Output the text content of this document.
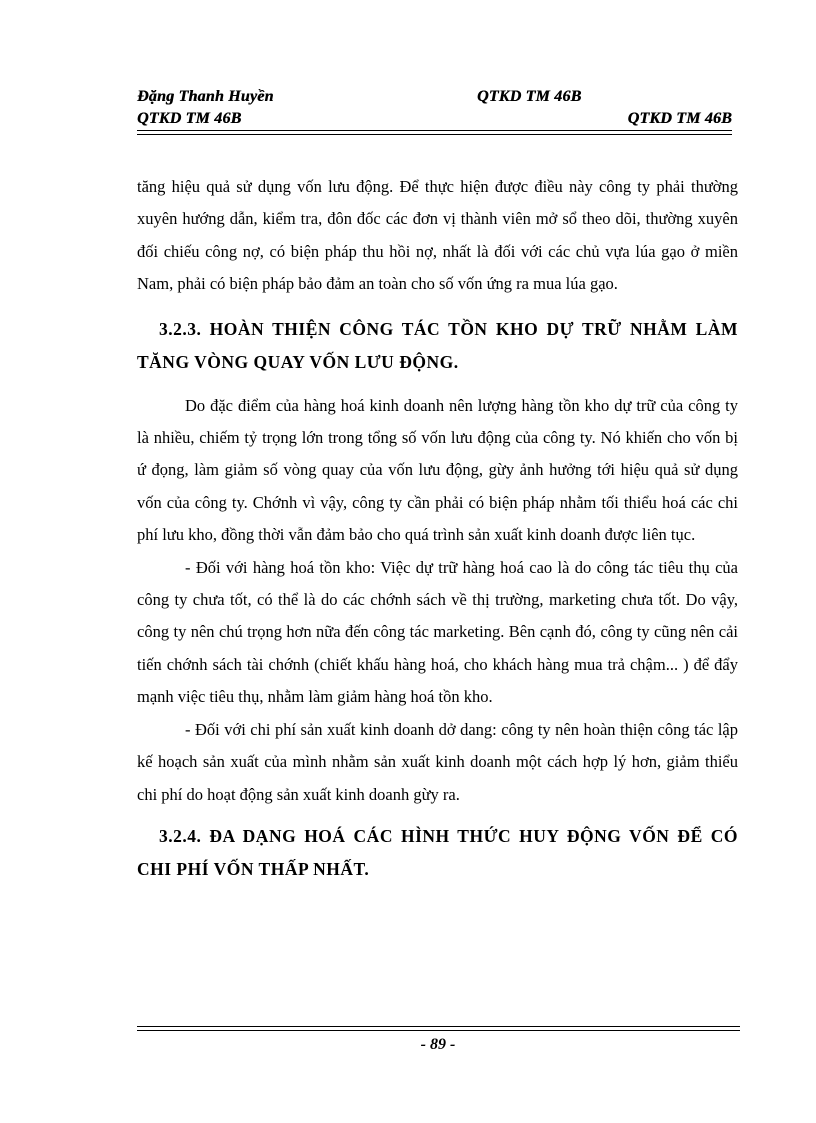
Đặng Thanh Huyền	QTKD TM 46B
QTKD TM 46B	QTKD TM 46B

tăng hiệu quả sử dụng vốn lưu động. Để thực hiện được điều này công ty phải thường xuyên hướng dẫn, kiểm tra, đôn đốc các đơn vị thành viên mở sổ theo dõi, thường xuyên đối chiếu công nợ, có biện pháp thu hồi nợ, nhất là đối với các chủ vựa lúa gạo ở miền Nam, phải có biện pháp bảo đảm an toàn cho số vốn ứng ra mua lúa gạo.

3.2.3. HOÀN THIỆN CÔNG TÁC TỒN KHO DỰ TRỮ NHẰM LÀM TĂNG VÒNG QUAY VỐN LƯU ĐỘNG.

Do đặc điểm của hàng hoá kinh doanh nên lượng hàng tồn kho dự trữ của công ty là nhiều, chiếm tỷ trọng lớn trong tổng số vốn lưu động của công ty. Nó khiến cho vốn bị ứ đọng, làm giảm số vòng quay của vốn lưu động, gừy ảnh hưởng tới hiệu quả sử dụng vốn của công ty. Chớnh vì vậy, công ty cần phải có biện pháp nhằm tối thiểu hoá các chi phí lưu kho, đồng thời vẫn đảm bảo cho quá trình sản xuất kinh doanh được liên tục.

- Đối với hàng hoá tồn kho: Việc dự trữ hàng hoá cao là do công tác tiêu thụ của công ty chưa tốt, có thể là do các chớnh sách về thị trường, marketing chưa tốt. Do vậy, công ty nên chú trọng hơn nữa đến công tác marketing. Bên cạnh đó, công ty cũng nên cải tiến chớnh sách tài chớnh (chiết khấu hàng hoá, cho khách hàng mua trả chậm... ) để đẩy mạnh việc tiêu thụ, nhằm làm giảm hàng hoá tồn kho.

- Đối với chi phí sản xuất kinh doanh dở dang: công ty nên hoàn thiện công tác lập kế hoạch sản xuất của mình nhằm sản xuất kinh doanh một cách hợp lý hơn, giảm thiểu chi phí do hoạt động sản xuất kinh doanh gừy ra.

3.2.4. ĐA DẠNG HOÁ CÁC HÌNH THỨC HUY ĐỘNG VỐN ĐỂ CÓ CHI PHÍ VỐN THẤP NHẤT.

- 89 -
